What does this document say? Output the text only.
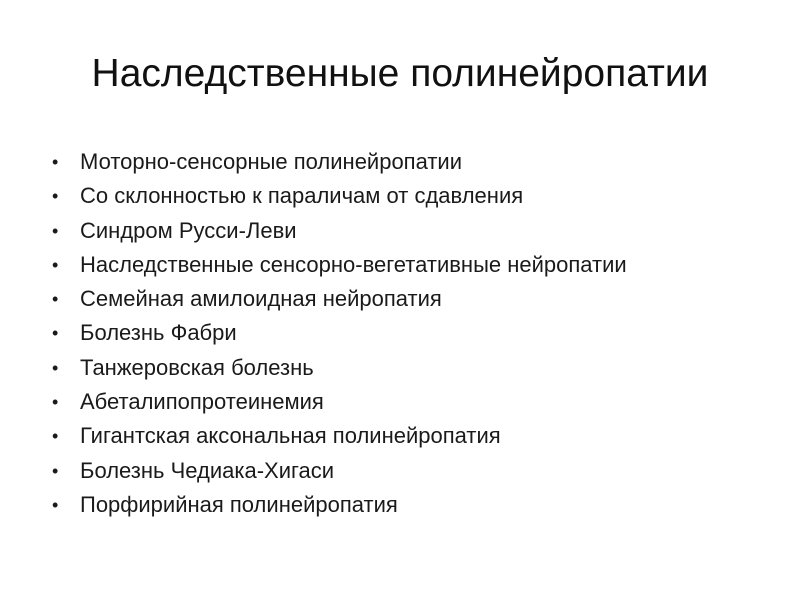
Наследственные полинейропатии
• Моторно-сенсорные полинейропатии
• Со склонностью к параличам от сдавления
• Синдром Русси-Леви
• Наследственные сенсорно-вегетативные нейропатии
• Семейная амилоидная нейропатия
• Болезнь Фабри
• Танжеровская болезнь
• Абеталипопротеинемия
• Гигантская аксональная полинейропатия
• Болезнь Чедиака-Хигаси
• Порфирийная полинейропатия
